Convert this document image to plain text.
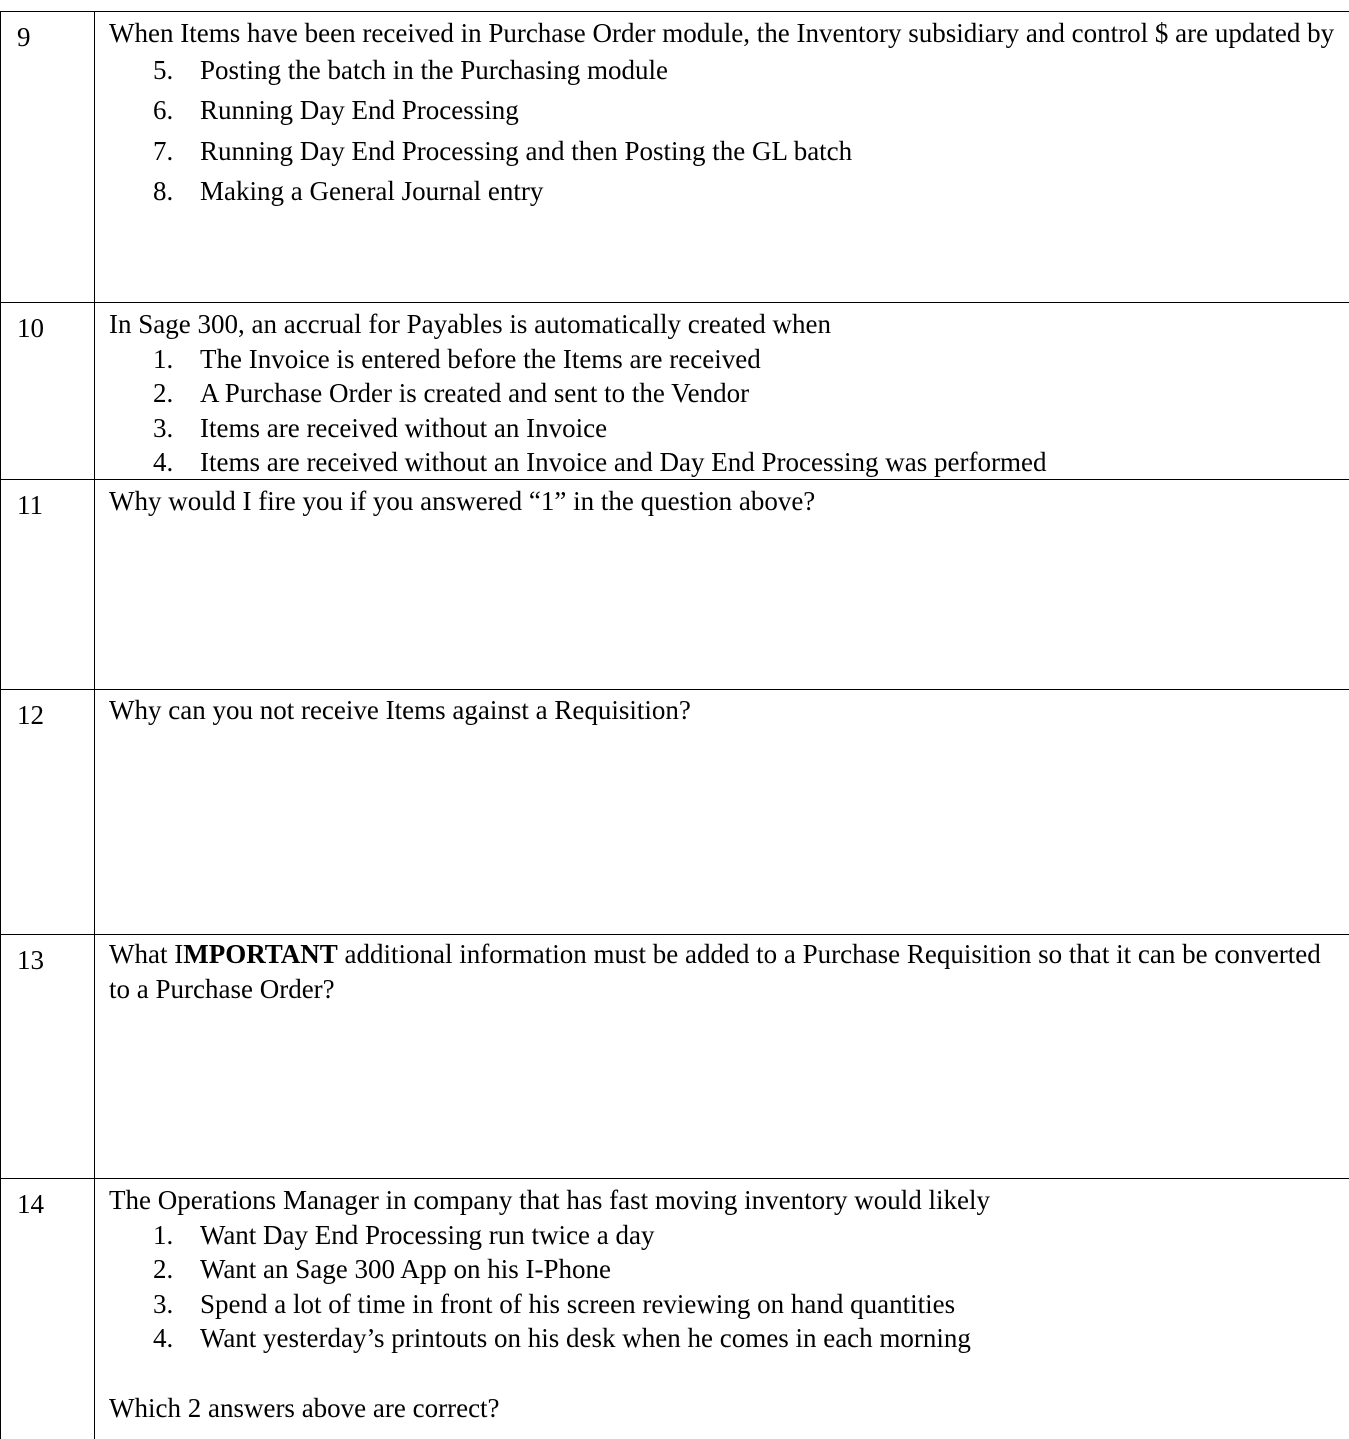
9	When Items have been received in Purchase Order module, the Inventory subsidiary and control $ are updated by
5. Posting the batch in the Purchasing module
6. Running Day End Processing
7. Running Day End Processing and then Posting the GL batch
8. Making a General Journal entry
10	In Sage 300, an accrual for Payables is automatically created when
1. The Invoice is entered before the Items are received
2. A Purchase Order is created and sent to the Vendor
3. Items are received without an Invoice
4. Items are received without an Invoice and Day End Processing was performed
11	Why would I fire you if you answered “1” in the question above?
12	Why can you not receive Items against a Requisition?
13	What IMPORTANT additional information must be added to a Purchase Requisition so that it can be converted to a Purchase Order?
14	The Operations Manager in company that has fast moving inventory would likely
1. Want Day End Processing run twice a day
2. Want an Sage 300 App on his I-Phone
3. Spend a lot of time in front of his screen reviewing on hand quantities
4. Want yesterday’s printouts on his desk when he comes in each morning
Which 2 answers above are correct?
